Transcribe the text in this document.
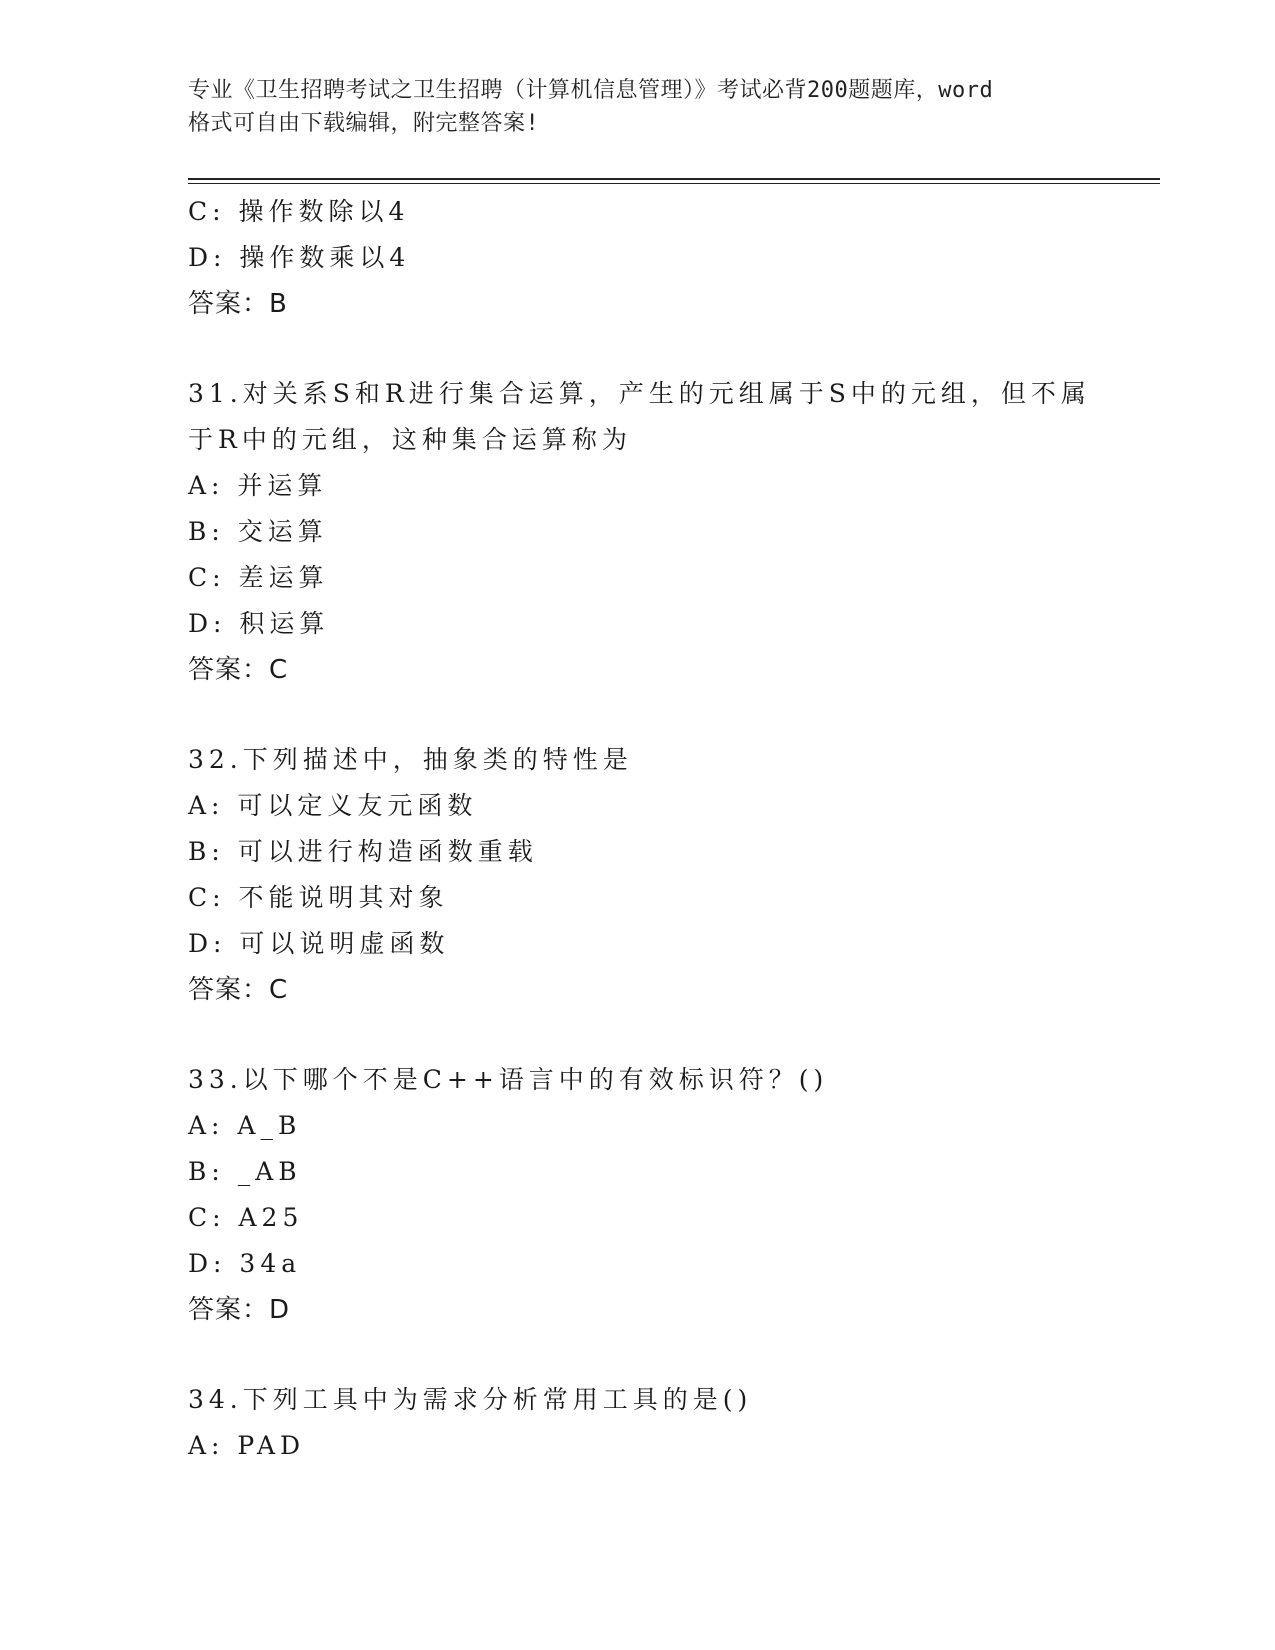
专业《卫生招聘考试之卫生招聘（计算机信息管理）》考试必背200题题库，word
格式可自由下载编辑，附完整答案!
C: 操作数除以4
D: 操作数乘以4
答案：B
31.对关系S和R进行集合运算，产生的元组属于S中的元组，但不属
于R中的元组，这种集合运算称为
A: 并运算
B: 交运算
C: 差运算
D: 积运算
答案：C
32.下列描述中，抽象类的特性是
A: 可以定义友元函数
B: 可以进行构造函数重载
C: 不能说明其对象
D: 可以说明虚函数
答案：C
33.以下哪个不是C++语言中的有效标识符？()
A: A_B
B: _AB
C: A25
D: 34a
答案：D
34.下列工具中为需求分析常用工具的是()
A: PAD
